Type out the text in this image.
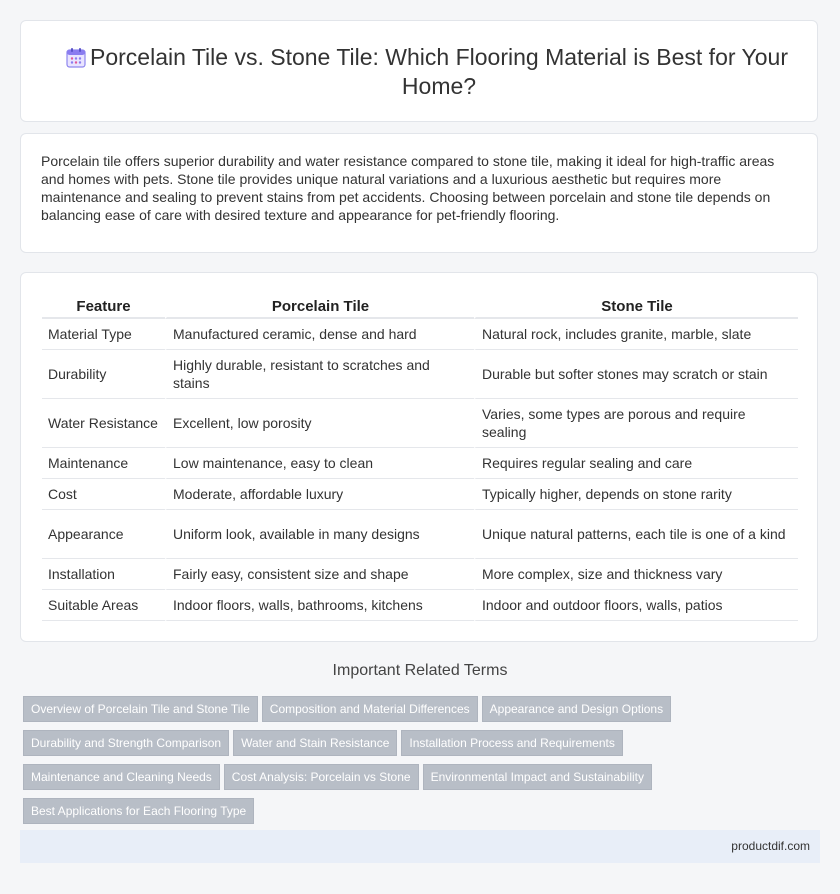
Porcelain Tile vs. Stone Tile: Which Flooring Material is Best for Your Home?

Porcelain tile offers superior durability and water resistance compared to stone tile, making it ideal for high-traffic areas and homes with pets. Stone tile provides unique natural variations and a luxurious aesthetic but requires more maintenance and sealing to prevent stains from pet accidents. Choosing between porcelain and stone tile depends on balancing ease of care with desired texture and appearance for pet-friendly flooring.

Feature	Porcelain Tile	Stone Tile
Material Type	Manufactured ceramic, dense and hard	Natural rock, includes granite, marble, slate
Durability	Highly durable, resistant to scratches and stains	Durable but softer stones may scratch or stain
Water Resistance	Excellent, low porosity	Varies, some types are porous and require sealing
Maintenance	Low maintenance, easy to clean	Requires regular sealing and care
Cost	Moderate, affordable luxury	Typically higher, depends on stone rarity
Appearance	Uniform look, available in many designs	Unique natural patterns, each tile is one of a kind
Installation	Fairly easy, consistent size and shape	More complex, size and thickness vary
Suitable Areas	Indoor floors, walls, bathrooms, kitchens	Indoor and outdoor floors, walls, patios
Important Related Terms
Overview of Porcelain Tile and Stone Tile Composition and Material Differences Appearance and Design OptionsDurability and Strength Comparison Water and Stain Resistance Installation Process and RequirementsMaintenance and Cleaning Needs Cost Analysis: Porcelain vs Stone Environmental Impact and SustainabilityBest Applications for Each Flooring Type
productdif.com
